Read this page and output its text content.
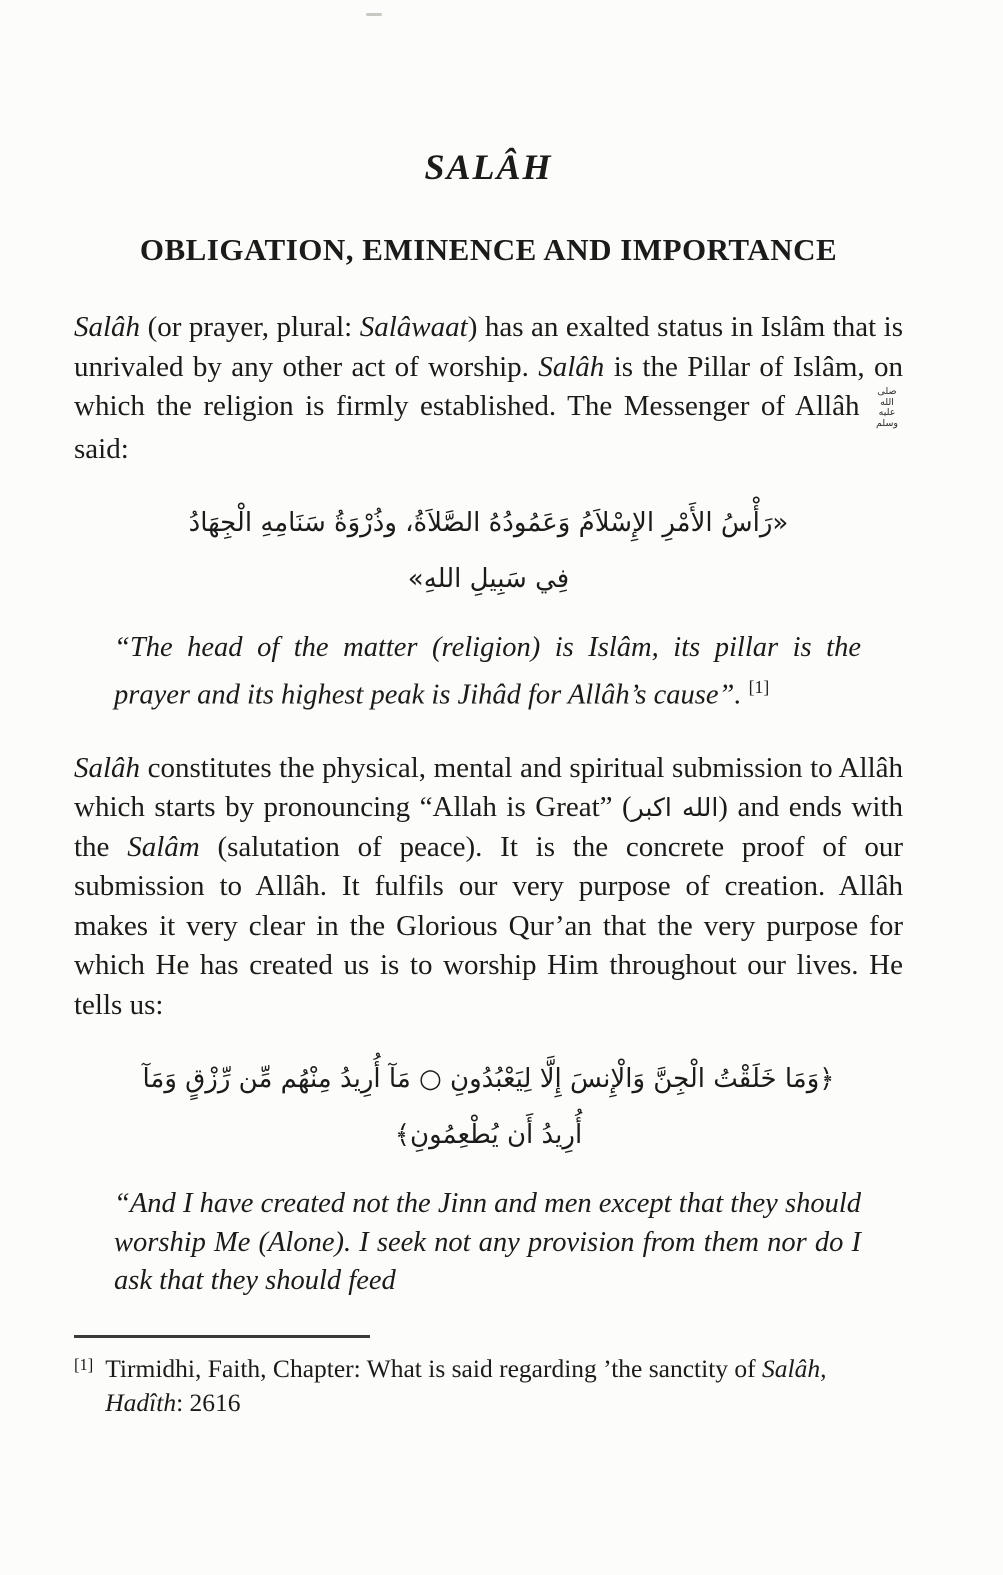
SALÂH
OBLIGATION, EMINENCE AND IMPORTANCE

Salâh (or prayer, plural: Salâwaat) has an exalted status in Islâm that is unrivaled by any other act of worship. Salâh is the Pillar of Islâm, on which the religion is firmly established. The Messenger of Allâh صلى الله عليه وسلم said:

«رَأْسُ الأَمْرِ الإِسْلاَمُ وَعَمُودُهُ الصَّلاَةُ، وذُرْوَةُ سَنَامِهِ الْجِهَادُ
فِي سَبِيلِ اللهِ»

“The head of the matter (religion) is Islâm, its pillar is the prayer and its highest peak is Jihâd for Allâh’s cause”. [1]

Salâh constitutes the physical, mental and spiritual submission to Allâh which starts by pronouncing “Allah is Great” (الله اكبر) and ends with the Salâm (salutation of peace). It is the concrete proof of our submission to Allâh. It fulfils our very purpose of creation. Allâh makes it very clear in the Glorious Qur’an that the very purpose for which He has created us is to worship Him throughout our lives. He tells us:

﴿وَمَا خَلَقْتُ الْجِنَّ وَالْإِنسَ إِلَّا لِيَعْبُدُونِ ○ مَآ أُرِيدُ مِنْهُم مِّن رِّزْقٍ وَمَآ
أُرِيدُ أَن يُطْعِمُونِ﴾

“And I have created not the Jinn and men except that they should worship Me (Alone). I seek not any provision from them nor do I ask that they should feed

[1] Tirmidhi, Faith, Chapter: What is said regarding ’the sanctity of Salâh, Hadîth: 2616
